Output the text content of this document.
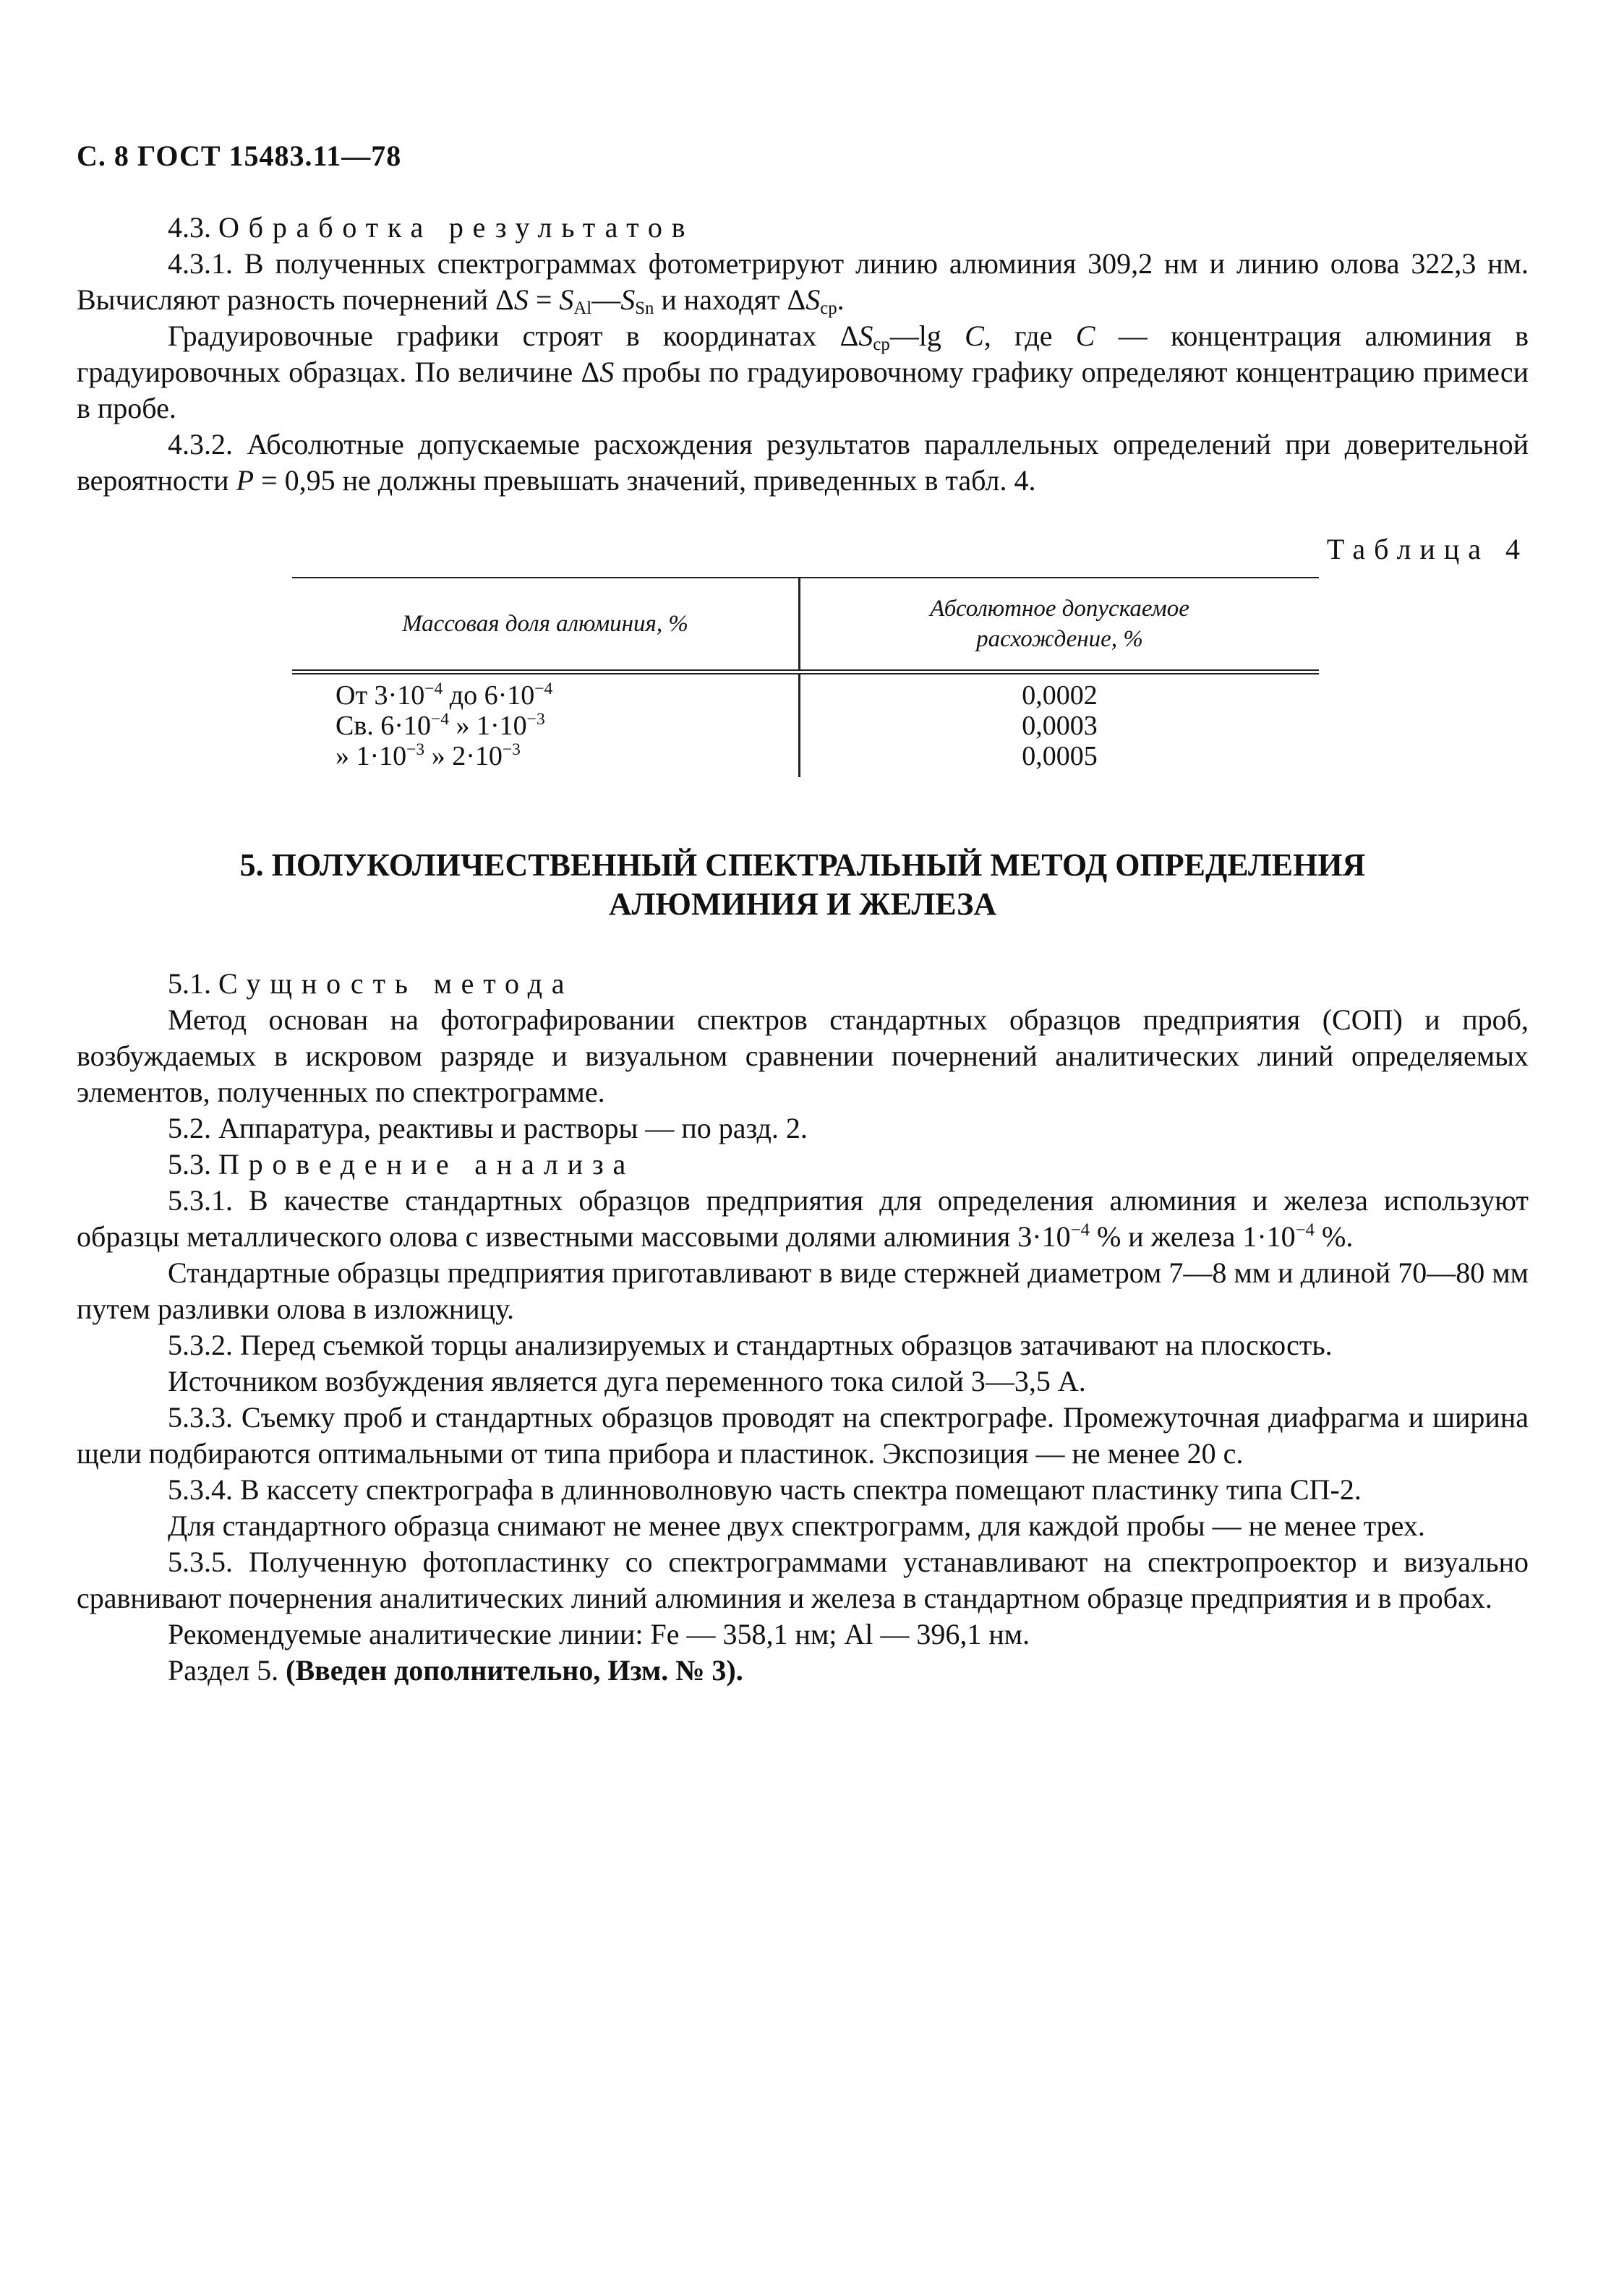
С. 8 ГОСТ 15483.11—78

4.3. Обработка результатов

4.3.1. В полученных спектрограммах фотометрируют линию алюминия 309,2 нм и линию олова 322,3 нм. Вычисляют разность почернений $\Delta S = S_{Al}—S_{Sn}$ и находят $\Delta S_{ср}$.

Градуировочные графики строят в координатах $\Delta S_{ср}—\lg$ C, где C — концентрация алюминия в градуировочных образцах. По величине ΔS пробы по градуировочному графику определяют концентрацию примеси в пробе.

4.3.2. Абсолютные допускаемые расхождения результатов параллельных определений при доверительной вероятности P = 0,95 не должны превышать значений, приведенных в табл. 4.

Таблица 4
Массовая доля алюминия, %
Абсолютное допускаемое
расхождение, %
От $3\cdot 10^{-4}$ до $6\cdot 10^{-4}$
Св. $6\cdot 10^{-4}$ » $1\cdot 10^{-3}$
» $1\cdot 10^{-3}$ » $2\cdot 10^{-3}$
0,0002
0,0003
0,0005
5. ПОЛУКОЛИЧЕСТВЕННЫЙ СПЕКТРАЛЬНЫЙ МЕТОД ОПРЕДЕЛЕНИЯ
АЛЮМИНИЯ И ЖЕЛЕЗА

5.1. Сущность метода

Метод основан на фотографировании спектров стандартных образцов предприятия (СОП) и проб, возбуждаемых в искровом разряде и визуальном сравнении почернений аналитических линий определяемых элементов, полученных по спектрограмме.

5.2. Аппаратура, реактивы и растворы — по разд. 2.

5.3. Проведение анализа

5.3.1. В качестве стандартных образцов предприятия для определения алюминия и железа используют образцы металлического олова с известными массовыми долями алюминия $3\cdot 10^{-4}$ % и железа $1\cdot 10^{-4}$ %.

Стандартные образцы предприятия приготавливают в виде стержней диаметром 7—8 мм и длиной 70—80 мм путем разливки олова в изложницу.

5.3.2. Перед съемкой торцы анализируемых и стандартных образцов затачивают на плоскость.

Источником возбуждения является дуга переменного тока силой 3—3,5 А.

5.3.3. Съемку проб и стандартных образцов проводят на спектрографе. Промежуточная диафрагма и ширина щели подбираются оптимальными от типа прибора и пластинок. Экспозиция — не менее 20 с.

5.3.4. В кассету спектрографа в длинноволновую часть спектра помещают пластинку типа СП-2.

Для стандартного образца снимают не менее двух спектрограмм, для каждой пробы — не менее трех.

5.3.5. Полученную фотопластинку со спектрограммами устанавливают на спектропроектор и визуально сравнивают почернения аналитических линий алюминия и железа в стандартном образце предприятия и в пробах.

Рекомендуемые аналитические линии: Fe — 358,1 нм; Al — 396,1 нм.

Раздел 5. (Введен дополнительно, Изм. № 3).
